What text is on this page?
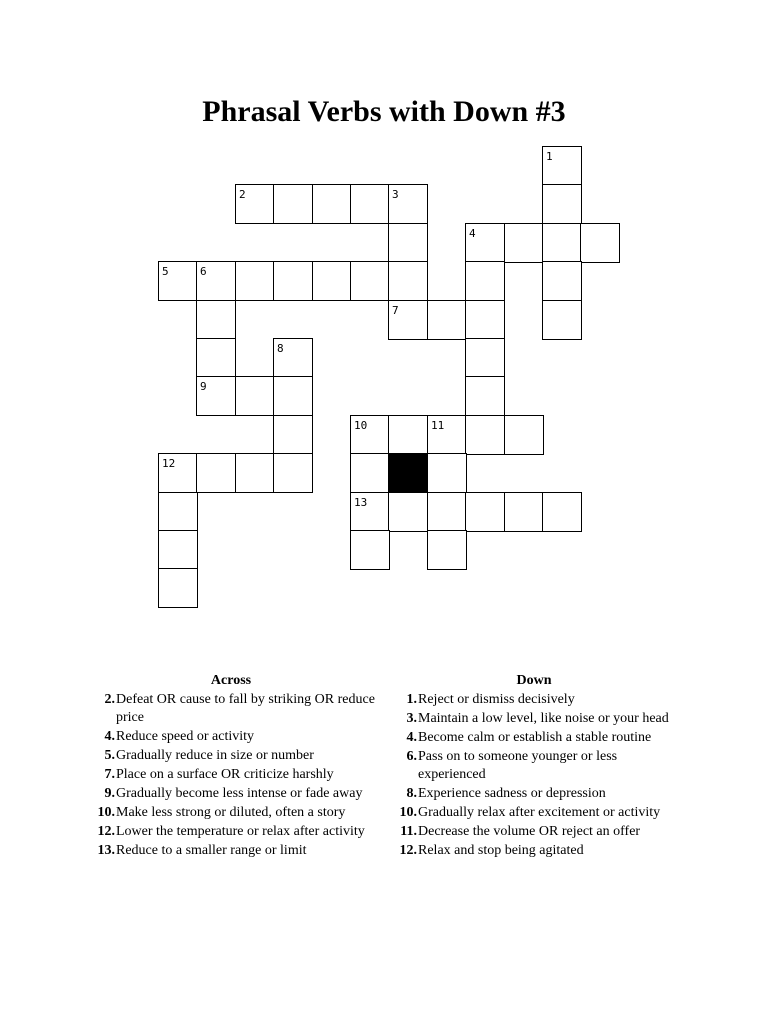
Phrasal Verbs with Down #3
1
2	3
4
5	6
7
8
9
10	11
12
13
Across
2. Defeat OR cause to fall by striking OR reduce price
4. Reduce speed or activity
5. Gradually reduce in size or number
7. Place on a surface OR criticize harshly
9. Gradually become less intense or fade away
10. Make less strong or diluted, often a story
12. Lower the temperature or relax after activity
13. Reduce to a smaller range or limit
Down
1. Reject or dismiss decisively
3. Maintain a low level, like noise or your head
4. Become calm or establish a stable routine
6. Pass on to someone younger or less experienced
8. Experience sadness or depression
10. Gradually relax after excitement or activity
11. Decrease the volume OR reject an offer
12. Relax and stop being agitated
